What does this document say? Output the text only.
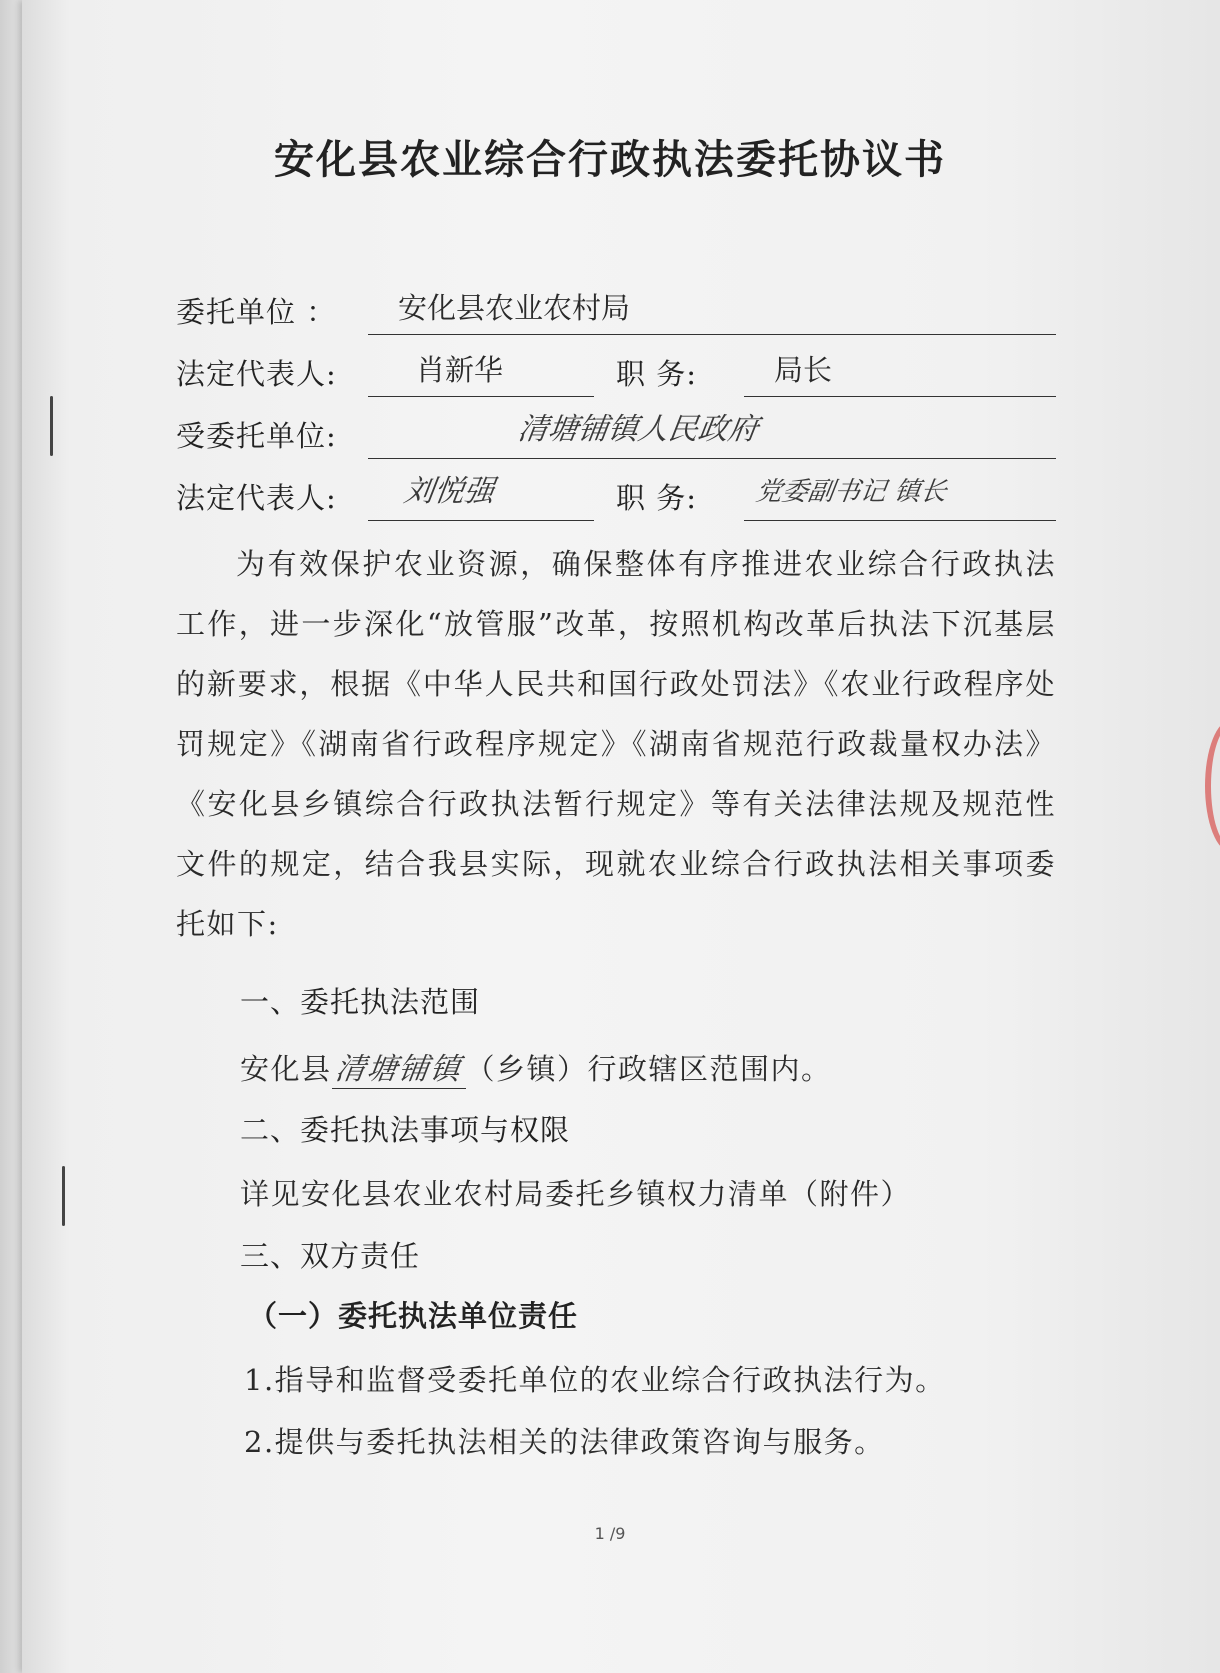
安化县农业综合行政执法委托协议书
委托单位 ： 安化县农业农村局
法定代表人:	肖新华	职 务:	局长
受委托单位:	清塘铺镇人民政府
法定代表人: 刘悦强	职 务: 党委副书记 镇长
为有效保护农业资源，确保整体有序推进农业综合行政执法工作，进一步深化“放管服”改革，按照机构改革后执法下沉基层的新要求，根据《中华人民共和国行政处罚法》《农业行政程序处罚规定》《湖南省行政程序规定》《湖南省规范行政裁量权办法》《安化县乡镇综合行政执法暂行规定》等有关法律法规及规范性文件的规定，结合我县实际，现就农业综合行政执法相关事项委托如下:
一、委托执法范围
安化县清塘铺镇（乡镇）行政辖区范围内。
二、委托执法事项与权限
详见安化县农业农村局委托乡镇权力清单（附件）
三、双方责任
（一）委托执法单位责任
1.指导和监督受委托单位的农业综合行政执法行为。
2.提供与委托执法相关的法律政策咨询与服务。
1 /9
